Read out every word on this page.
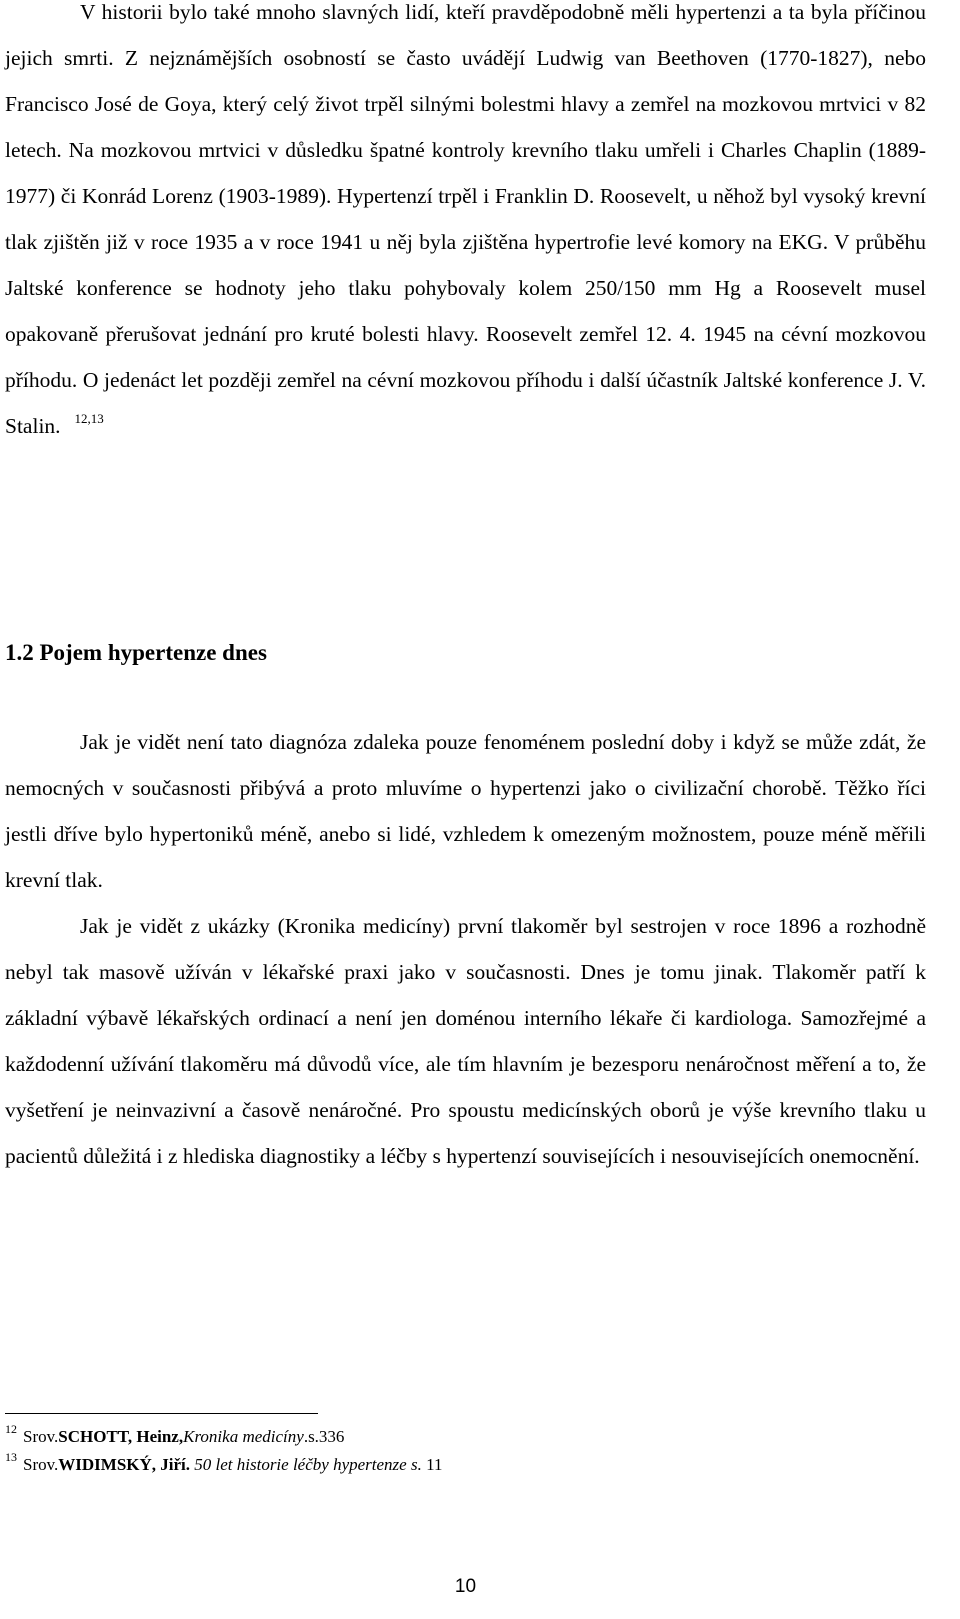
V historii bylo také mnoho slavných lidí, kteří pravděpodobně měli hypertenzi a ta byla příčinou jejich smrti. Z nejznámějších osobností se často uvádějí Ludwig van Beethoven (1770-1827), nebo Francisco José de Goya, který celý život trpěl silnými bolestmi hlavy a zemřel na mozkovou mrtvici v 82 letech. Na mozkovou mrtvici v důsledku špatné kontroly krevního tlaku umřeli i Charles Chaplin (1889-1977) či Konrád Lorenz (1903-1989). Hypertenzí trpěl i Franklin D. Roosevelt, u něhož byl vysoký krevní tlak zjištěn již v roce 1935 a v roce 1941 u něj byla zjištěna hypertrofie levé komory na EKG. V průběhu Jaltské konference se hodnoty jeho tlaku pohybovaly kolem 250/150 mm Hg a Roosevelt musel opakovaně přerušovat jednání pro kruté bolesti hlavy. Roosevelt zemřel 12. 4. 1945 na cévní mozkovou příhodu. O jedenáct let později zemřel na cévní mozkovou příhodu i další účastník Jaltské konference J. V. Stalin. $^{12,13}$

1.2 Pojem hypertenze dnes

Jak je vidět není tato diagnóza zdaleka pouze fenoménem poslední doby i když se může zdát, že nemocných v současnosti přibývá a proto mluvíme o hypertenzi jako o civilizační chorobě. Těžko říci jestli dříve bylo hypertoniků méně, anebo si lidé, vzhledem k omezeným možnostem, pouze méně měřili krevní tlak.

Jak je vidět z ukázky (Kronika medicíny) první tlakoměr byl sestrojen v roce 1896 a rozhodně nebyl tak masově užíván v lékařské praxi jako v současnosti. Dnes je tomu jinak. Tlakoměr patří k základní výbavě lékařských ordinací a není jen doménou interního lékaře či kardiologa. Samozřejmé a každodenní užívání tlakoměru má důvodů více, ale tím hlavním je bezesporu nenáročnost měření a to, že vyšetření je neinvazivní a časově nenáročné. Pro spoustu medicínských oborů je výše krevního tlaku u pacientů důležitá i z hlediska diagnostiky a léčby s hypertenzí souvisejících i nesouvisejících onemocnění.

$^{12}$ Srov.SCHOTT, Heinz,Kronika medicíny.s.336

$^{13}$ Srov.WIDIMSKÝ, Jiří. 50 let historie léčby hypertenze s. 11

10
